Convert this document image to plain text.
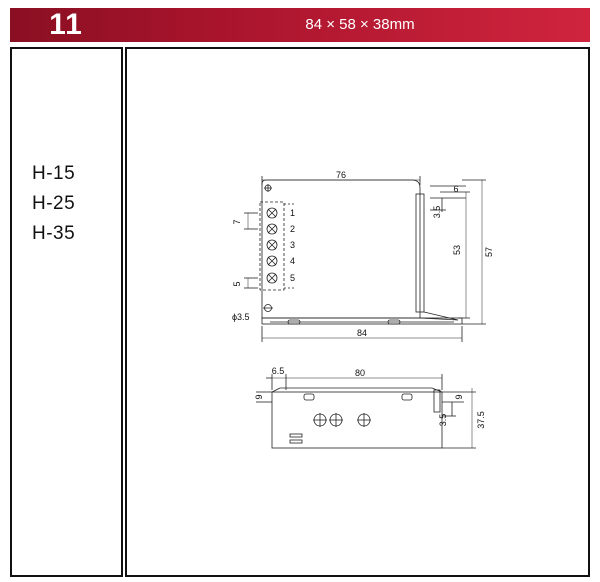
11	84 × 58 × 38mm
H-15
H-25
H-35
76
84
57
53
6
3.5
7
5
ϕ3.5
1
2
3
4
5
80
6.5
9	9
3.5	37.5
